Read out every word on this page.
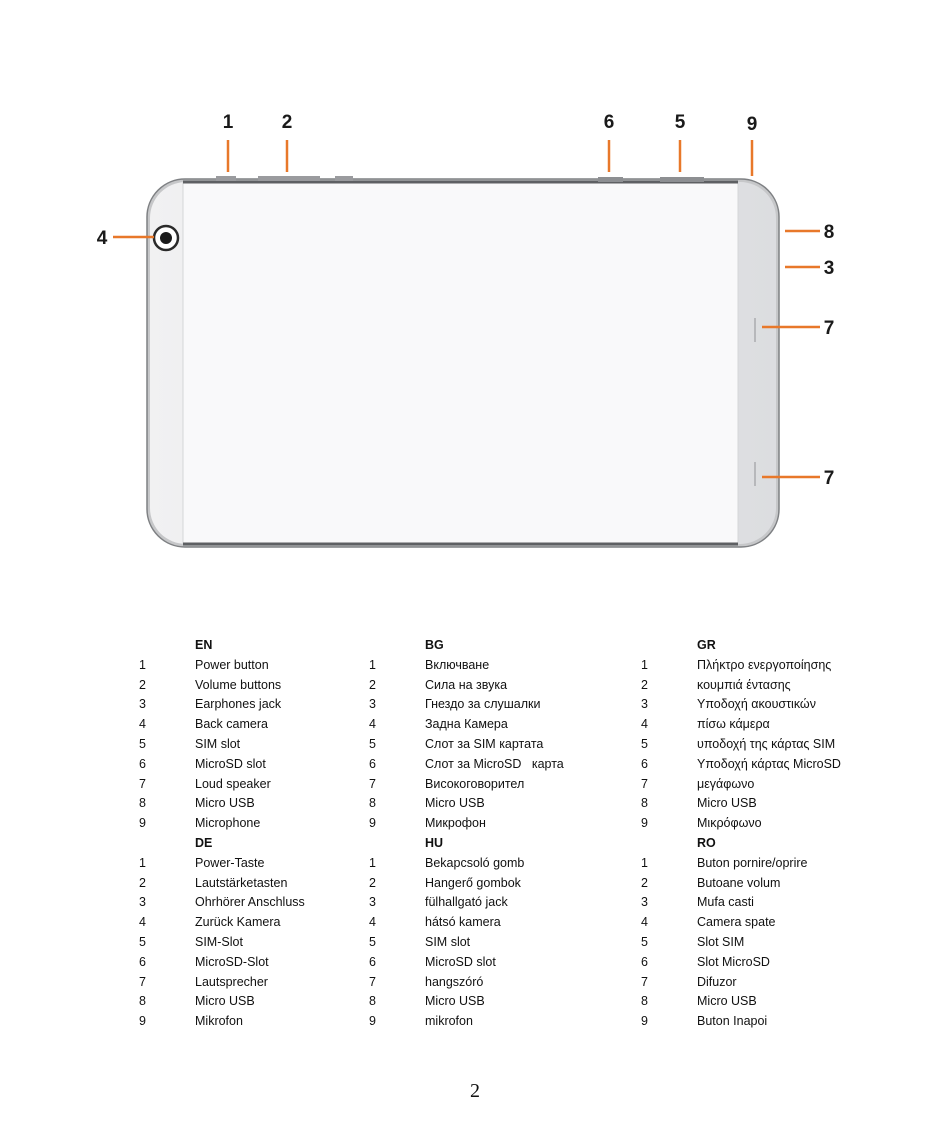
1	2	6	5	9
4	8
3
7
7
EN
1	Power button
2	Volume buttons
3	Earphones jack
4	Back camera
5	SIM slot
6	MicroSD slot
7	Loud speaker
8	Micro USB
9	Microphone
BG
1	Включване
2	Сила на звука
3	Гнездо за слушалки
4	Задна Камера
5	Слот за SIM картата
6	Слот за MicroSD   карта
7	Високоговорител
8	Micro USB
9	Микрофон
GR
1	Πλήκτρο ενεργοποίησης
2	κουμπιά έντασης
3	Υποδοχή ακουστικών
4	πίσω κάμερα
5	υποδοχή της κάρτας SIM
6	Υποδοχή κάρτας MicroSD
7	μεγάφωνο
8	Micro USB
9	Μικρόφωνο
DE
1	Power-Taste
2	Lautstärketasten
3	Ohrhörer Anschluss
4	Zurück Kamera
5	SIM-Slot
6	MicroSD-Slot
7	Lautsprecher
8	Micro USB
9	Mikrofon
HU
1	Bekapcsoló gomb
2	Hangerő gombok
3	fülhallgató jack
4	hátsó kamera
5	SIM slot
6	MicroSD slot
7	hangszóró
8	Micro USB
9	mikrofon
RO
1	Buton pornire/oprire
2	Butoane volum
3	Mufa casti
4	Camera spate
5	Slot SIM
6	Slot MicroSD
7	Difuzor
8	Micro USB
9	Buton Inapoi
2
